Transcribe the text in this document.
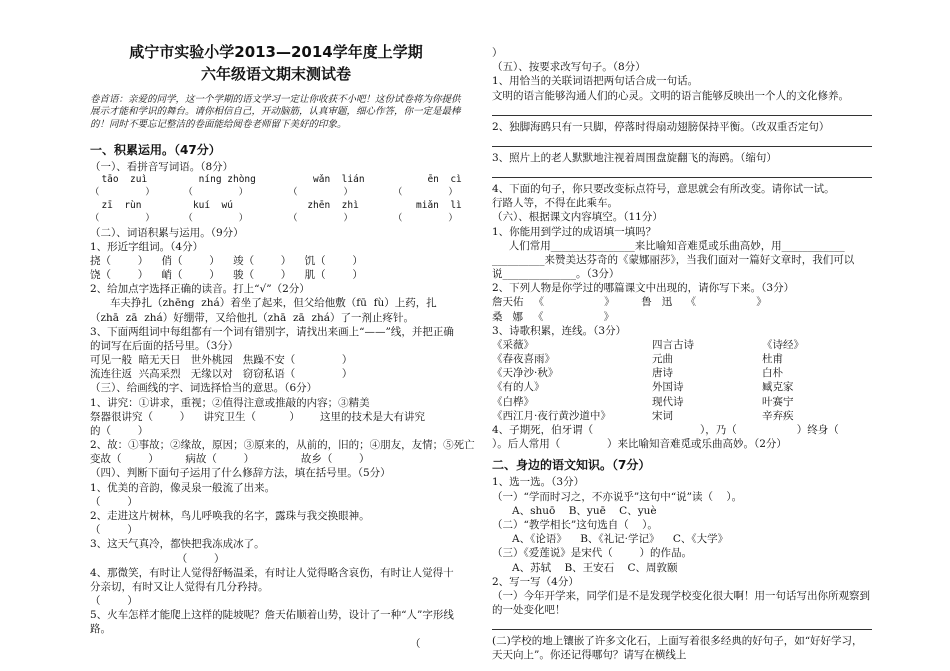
咸宁市实验小学2013—2014学年度上学期
六年级语文期末测试卷
卷首语：亲爱的同学，这一个学期的语文学习一定让你收获不小吧！这份试卷将为你提供展示才能和学识的舞台。请你相信自己，开动脑筋，认真审题，细心作答，你一定是最棒的！同时不要忘记整洁的卷面能给阅卷老师留下美好的印象。
一、积累运用。（47分）
（一）、看拼音写词语。（8分）
tāo  zuì         níng zhòng          wǎn  lián           ēn  cì
（        ）     （        ）       （        ）       （        ）
zī  rùn         kuí  wú             zhēn  zhì          miǎn  lì
（        ）     （        ）       （        ）       （        ）
（二）、词语积累与运用。（9分）
1、形近字组词。（4分）
挠（        ）    俏（        ）    竣（        ）    饥（        ）
饶（        ）    峭（        ）    骏（        ）    肌（        ）
2、给加点字选择正确的读音。打上“√”（2分）
车夫挣扎（zhēng  zhá）着坐了起来，但父给他敷（fū  fù）上药，扎
（zhā  zā  zhá）好绷带，又给他扎（zhā  zā  zhá）了一剂止疼针。
3、下面两组词中每组都有一个词有错别字，请找出来画上“——”线，并把正确的词写在后面的括号里。（3分）
可见一般  暗无天日   世外桃园   焦躁不安（              ）
流连往返  兴高采烈   无缘以对   窃窃私语（              ）
（三）、给画线的字、词选择恰当的意思。（6分）
1、讲究：①讲求，重视；②值得注意或推敲的内容；③精美
祭器很讲究（        ）    讲究卫生（          ）      这里的技术是大有讲究
的（        ）
2、故：①事故；②缘故，原因；③原来的，从前的，旧的；④朋友，友情；⑤死亡
变故（        ）        病故（        ）              故乡（        ）
（四）、判断下面句子运用了什么修辞方法，填在括号里。（5分）
1、优美的音韵，像灵泉一般流了出来。
（        ）
2、走进这片树林，鸟儿呼唤我的名字，露珠与我交换眼神。
（        ）
3、这天气真冷，都快把我冻成冰了。
（        ）
4、那微笑，有时让人觉得舒畅温柔，有时让人觉得略含哀伤，有时让人觉得十分亲切，有时又让人觉得有几分矜持。
（        ）
5、火车怎样才能爬上这样的陡坡呢？詹天佑顺着山势，设计了一种“人”字形线路。
（
）
（五）、按要求改写句子。（8分）
1、用恰当的关联词语把两句话合成一句话。
文明的语言能够沟通人们的心灵。文明的语言能够反映出一个人的文化修养。
2、独脚海鸥只有一只脚，停落时得扇动翅膀保持平衡。（改双重否定句）
3、照片上的老人默默地注视着周围盘旋翻飞的海鸥。（缩句）
4、下面的句子，你只要改变标点符号，意思就会有所改变。请你试一试。
行路人等，不得在此乘车。
（六）、根据课文内容填空。（11分）
1、你能用到学过的成语填一填吗？
人们常用________________来比喻知音难觅或乐曲高妙，用____________
__________来赞美达芬奇的《蒙娜丽莎》，当我们面对一篇好文章时，我们可以
说______________。（3分）
2、下列人物是你学过的哪篇课文中出现的，请你写下来。（3分）
詹天佑   《                  》        鲁   迅    《                  》
桑   娜   《                  》
3、诗歌积累，连线。（3分）
《采薇》	四言古诗	《诗经》
《春夜喜雨》	元曲	杜甫
《天净沙·秋》	唐诗	白朴
《有的人》	外国诗	臧克家
《白桦》	现代诗	叶赛宁
《西江月·夜行黄沙道中》	宋词	辛弃疾
4、子期死，伯牙谓（                                ），乃（                  ）终身（
）。后人常用（              ）来比喻知音难觅或乐曲高妙。（2分）
二、身边的语文知识。（7分）
1、选一选。（3分）
（一）“学而时习之，不亦说乎”这句中“说”读（    ）。
A、shuō    B、yuē    C、yuè
（二）“教学相长”这句选自（    ）。
A、《论语》    B、《礼记·学记》    C、《大学》
（三）《爱莲说》是宋代（        ）的作品。
A、苏轼    B、王安石    C、周敦颐
2、写一写（4分）
（一）今年开学来，同学们是不是发现学校变化很大啊！用一句话写出你所观察到的一处变化吧！
(二)学校的地上镶嵌了许多文化石，上面写着很多经典的好句子，如“好好学习，
天天向上”。你还记得哪句？请写在横线上
